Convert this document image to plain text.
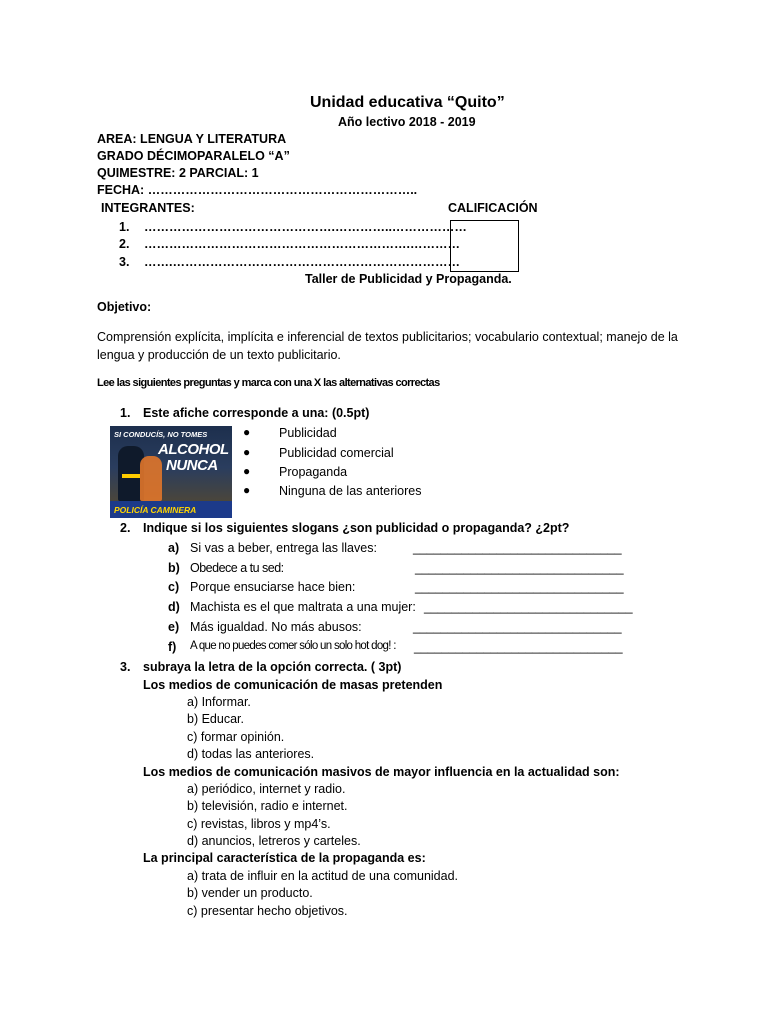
Unidad educativa “Quito”
Año lectivo 2018 - 2019
AREA: LENGUA Y LITERATURA
GRADO DÉCIMOPARALELO “A”
QUIMESTRE: 2 PARCIAL: 1
FECHA: ………………………………………………………..
INTEGRANTES:	CALIFICACIÓN
1. ……………………………………….…………..………………
2. ……………………………………………………….…………
3. …….……………………………………………………………
Taller de Publicidad y Propaganda.
Objetivo:
Comprensión explícita, implícita e inferencial de textos publicitarios; vocabulario contextual; manejo de la
lengua y producción de un texto publicitario.
Lee las siguientes preguntas y marca con una X las alternativas correctas
1. Este afiche corresponde a una: (0.5pt)
SI CONDUCÍS, NO TOMES
ALCOHOL
NUNCA
POLICÍA CAMINERA
● Publicidad
● Publicidad comercial
● Propaganda
● Ninguna de las anteriores
2. Indique si los siguientes slogans ¿son publicidad o propaganda? ¿2pt?
a) Si vas a beber, entrega las llaves:	______________________________
b) Obedece a tu sed:	______________________________
c) Porque ensuciarse hace bien:	______________________________
d) Machista es el que maltrata a una mujer: ______________________________
e) Más igualdad. No más abusos:	______________________________
f) A que no puedes comer sólo un solo hot dog! : ______________________________
3. subraya la letra de la opción correcta. ( 3pt)
Los medios de comunicación de masas pretenden
a) Informar.
b) Educar.
c) formar opinión.
d) todas las anteriores.
Los medios de comunicación masivos de mayor influencia en la actualidad son:
a) periódico, internet y radio.
b) televisión, radio e internet.
c) revistas, libros y mp4’s.
d) anuncios, letreros y carteles.
La principal característica de la propaganda es:
a) trata de influir en la actitud de una comunidad.
b) vender un producto.
c) presentar hecho objetivos.
